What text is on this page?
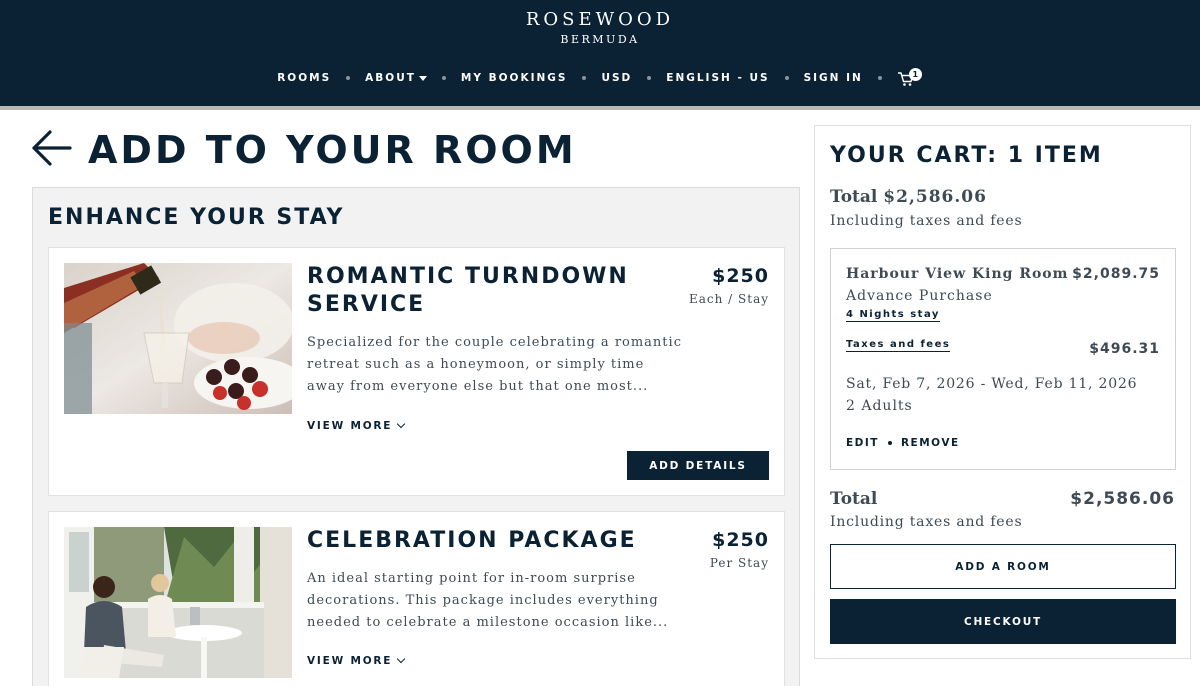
ROSEWOOD
BERMUDA
ROOMS	ABOUT	MY BOOKINGS	USD	ENGLISH - US	SIGN IN	1
ADD TO YOUR ROOM
ENHANCE YOUR STAY
ROMANTIC TURNDOWN SERVICE
$250
Each / Stay

Specialized for the couple celebrating a romantic retreat such as a honeymoon, or simply time away from everyone else but that one most...

VIEW MORE
ADD DETAILS
CELEBRATION PACKAGE	$250
Per Stay

An ideal starting point for in-room surprise decorations. This package includes everything needed to celebrate a milestone occasion like...

VIEW MORE
YOUR CART: 1 ITEM
Total $2,586.06
Including taxes and fees
Harbour View King Room $2,089.75
Advance Purchase
4 Nights stay
Taxes and fees	$496.31
Sat, Feb 7, 2026 - Wed, Feb 11, 2026
2 Adults
EDIT REMOVE
Total	$2,586.06
Including taxes and fees
ADD A ROOM
CHECKOUT
